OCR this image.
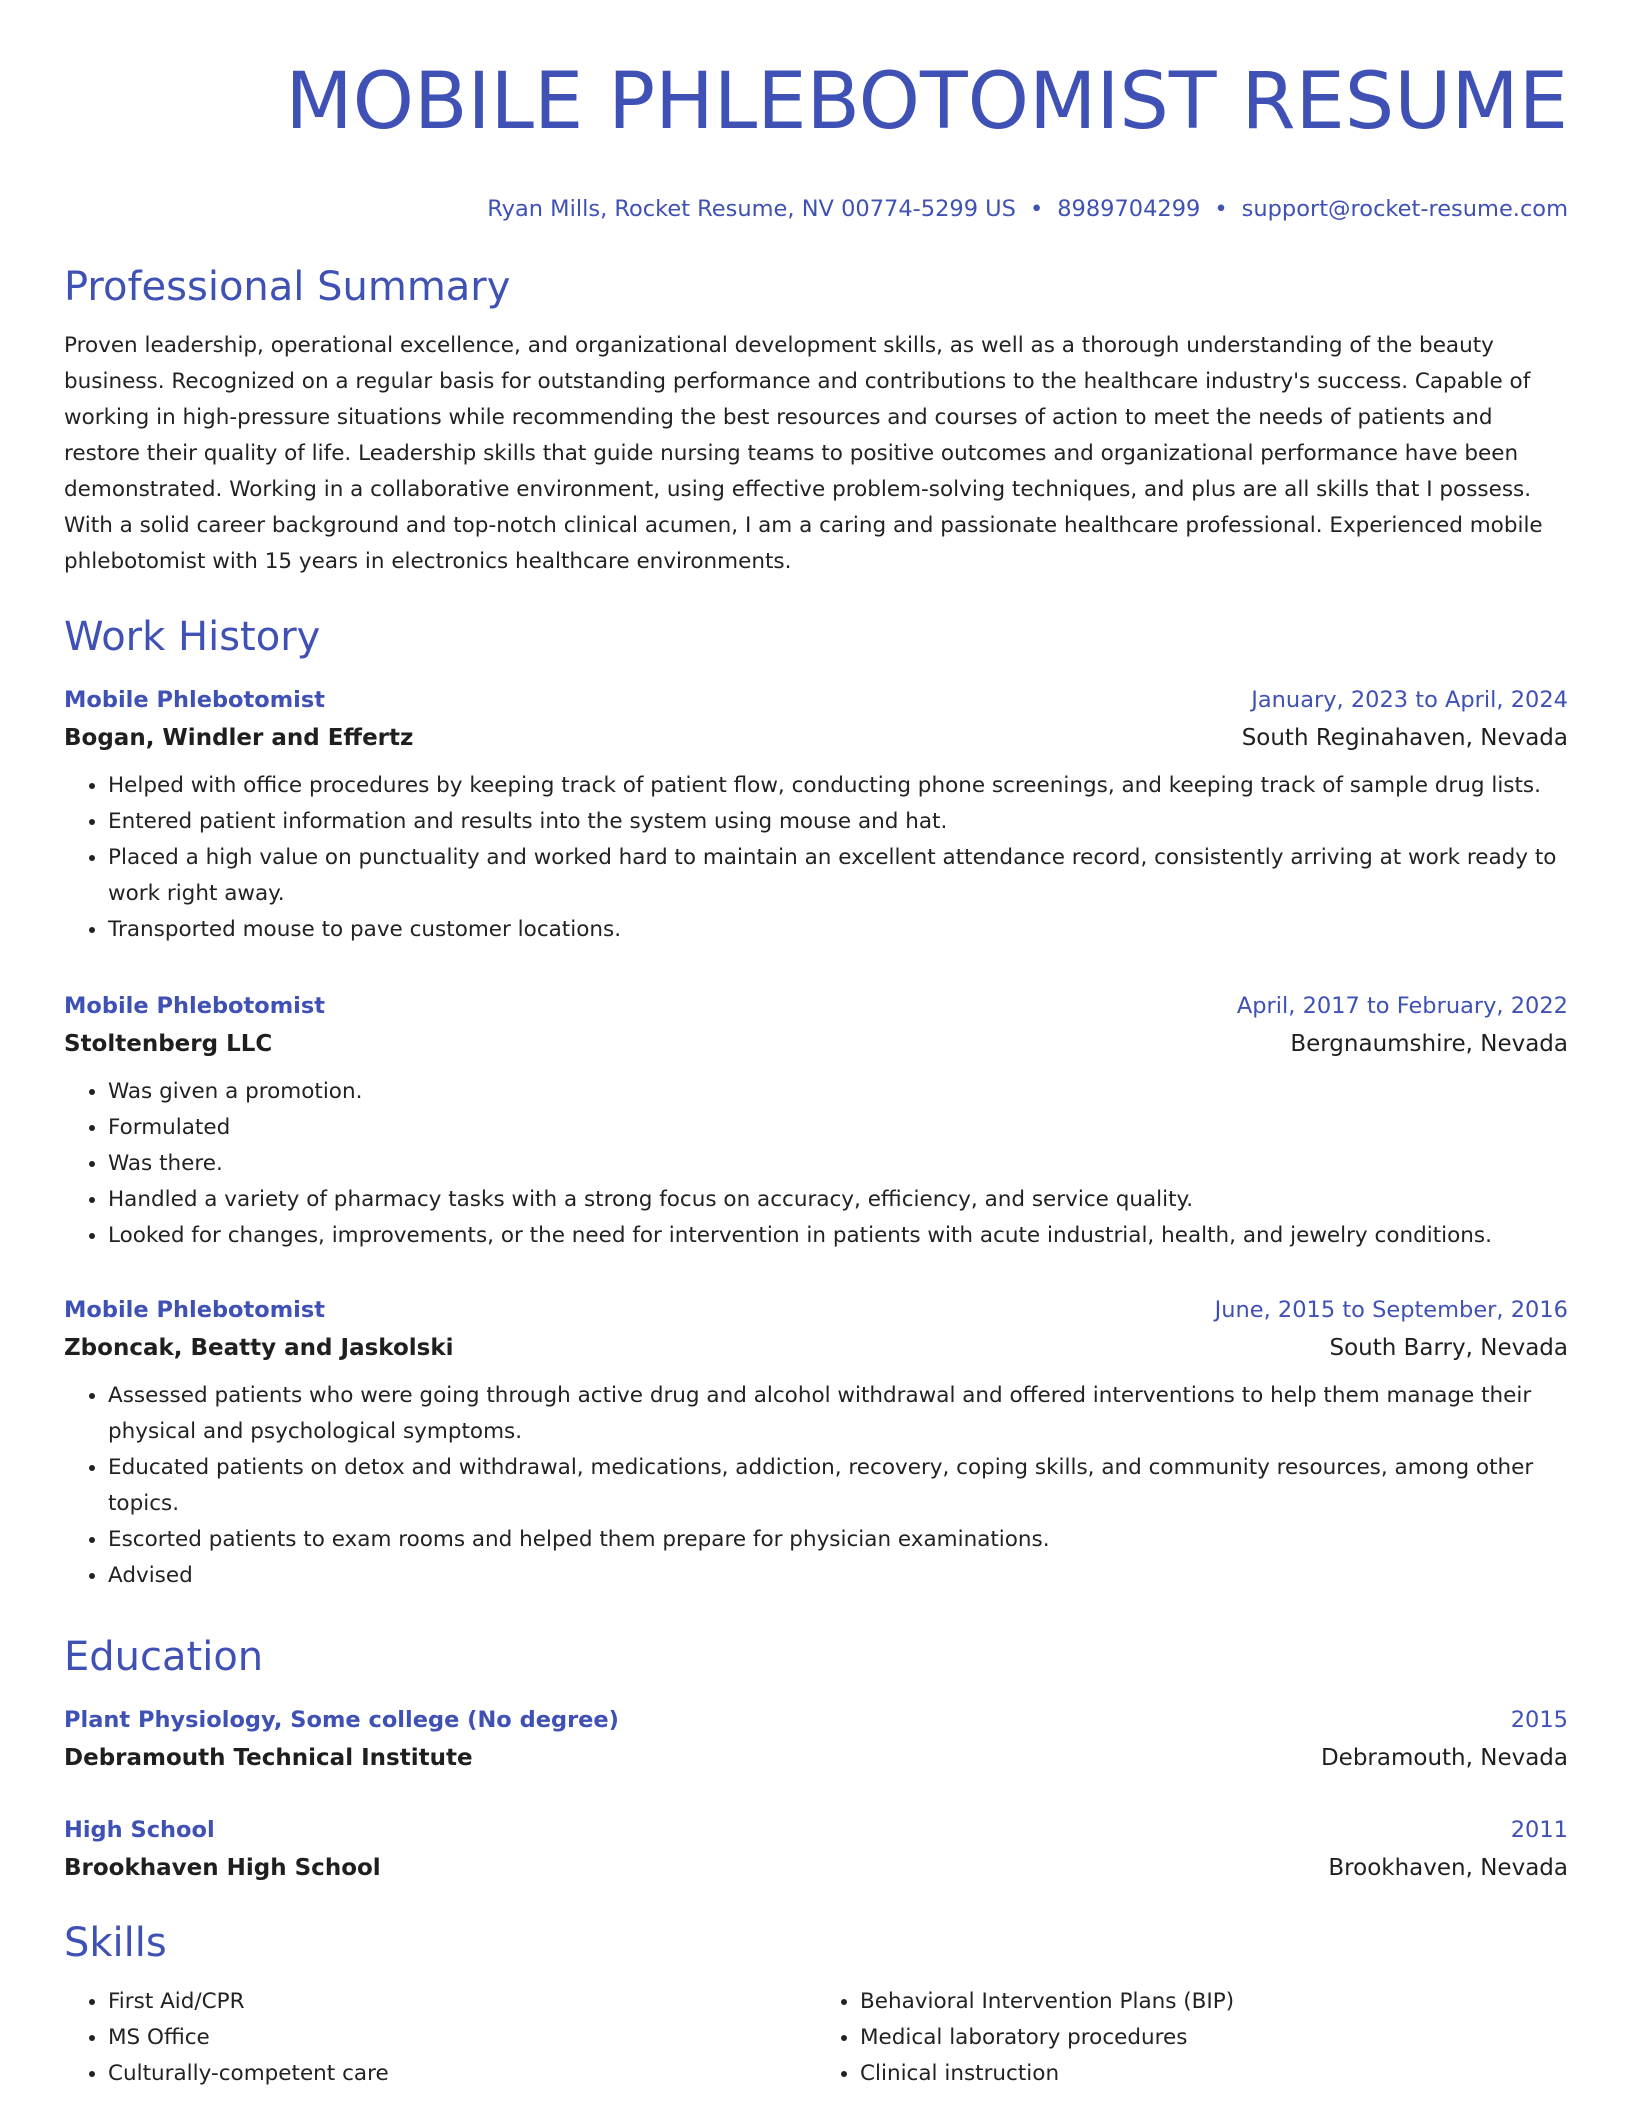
MOBILE PHLEBOTOMIST RESUME
Ryan Mills, Rocket Resume, NV 00774-5299 US • 8989704299 • support@rocket-resume.com
Professional Summary

Proven leadership, operational excellence, and organizational development skills, as well as a thorough understanding of the beauty business. Recognized on a regular basis for outstanding performance and contributions to the healthcare industry's success. Capable of working in high-pressure situations while recommending the best resources and courses of action to meet the needs of patients and restore their quality of life. Leadership skills that guide nursing teams to positive outcomes and organizational performance have been demonstrated. Working in a collaborative environment, using effective problem-solving techniques, and plus are all skills that I possess. With a solid career background and top-notch clinical acumen, I am a caring and passionate healthcare professional. Experienced mobile phlebotomist with 15 years in electronics healthcare environments.

Work History
Mobile Phlebotomist	January, 2023 to April, 2024
Bogan, Windler and Effertz	South Reginahaven, Nevada
• Helped with office procedures by keeping track of patient flow, conducting phone screenings, and keeping track of sample drug lists.
• Entered patient information and results into the system using mouse and hat.
• Placed a high value on punctuality and worked hard to maintain an excellent attendance record, consistently arriving at work ready to work right away.
• Transported mouse to pave customer locations.
Mobile Phlebotomist	April, 2017 to February, 2022
Stoltenberg LLC	Bergnaumshire, Nevada
• Was given a promotion.
• Formulated
• Was there.
• Handled a variety of pharmacy tasks with a strong focus on accuracy, efficiency, and service quality.
• Looked for changes, improvements, or the need for intervention in patients with acute industrial, health, and jewelry conditions.
Mobile Phlebotomist	June, 2015 to September, 2016
Zboncak, Beatty and Jaskolski	South Barry, Nevada
• Assessed patients who were going through active drug and alcohol withdrawal and offered interventions to help them manage their physical and psychological symptoms.
• Educated patients on detox and withdrawal, medications, addiction, recovery, coping skills, and community resources, among other topics.
• Escorted patients to exam rooms and helped them prepare for physician examinations.
• Advised
Education
Plant Physiology, Some college (No degree)	2015
Debramouth Technical Institute	Debramouth, Nevada
High School	2011
Brookhaven High School	Brookhaven, Nevada
Skills
• First Aid/CPR
• MS Office
• Culturally-competent care
• Behavioral Intervention Plans (BIP)
• Medical laboratory procedures
• Clinical instruction
